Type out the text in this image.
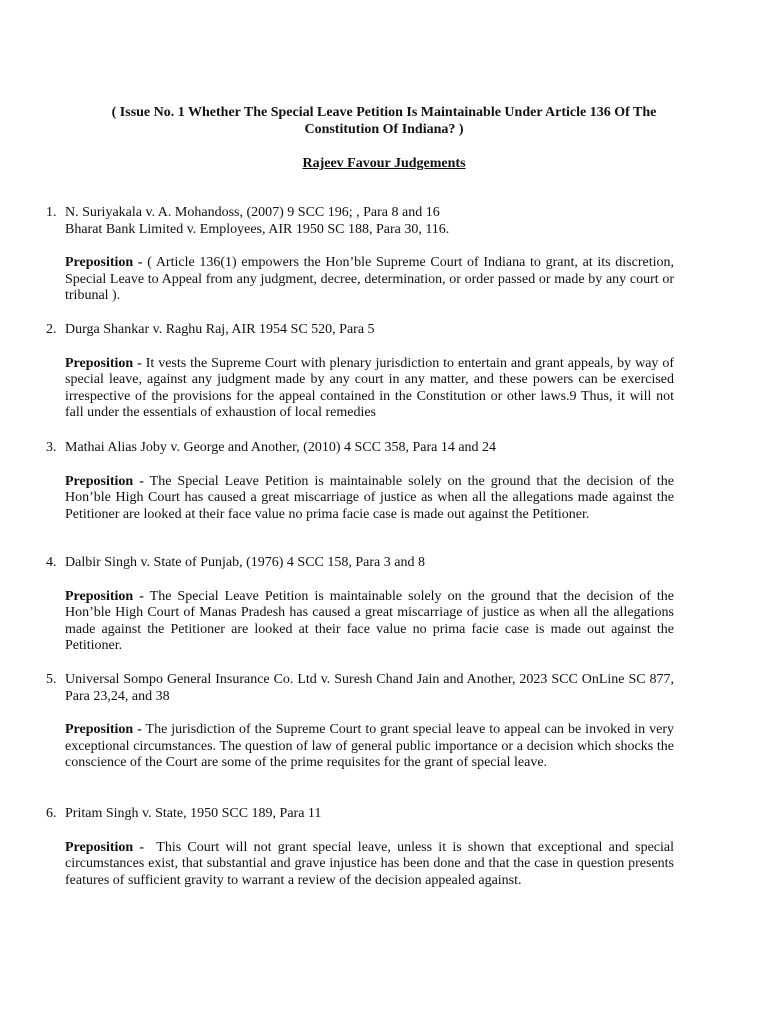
( Issue No. 1 Whether The Special Leave Petition Is Maintainable Under Article 136 Of The
Constitution Of Indiana? )

Rajeev Favour Judgements

1. N. Suriyakala v. A. Mohandoss, (2007) 9 SCC 196; , Para 8 and 16

Bharat Bank Limited v. Employees, AIR 1950 SC 188, Para 30, 116.

Preposition - ( Article 136(1) empowers the Hon’ble Supreme Court of Indiana to grant, at its discretion, Special Leave to Appeal from any judgment, decree, determination, or order passed or made by any court or tribunal ).

2. Durga Shankar v. Raghu Raj, AIR 1954 SC 520, Para 5

Preposition - It vests the Supreme Court with plenary jurisdiction to entertain and grant appeals, by way of special leave, against any judgment made by any court in any matter, and these powers can be exercised irrespective of the provisions for the appeal contained in the Constitution or other laws.9 Thus, it will not fall under the essentials of exhaustion of local remedies

3. Mathai Alias Joby v. George and Another, (2010) 4 SCC 358, Para 14 and 24

Preposition - The Special Leave Petition is maintainable solely on the ground that the decision of the Hon’ble High Court has caused a great miscarriage of justice as when all the allegations made against the Petitioner are looked at their face value no prima facie case is made out against the Petitioner.

4. Dalbir Singh v. State of Punjab, (1976) 4 SCC 158, Para 3 and 8

Preposition - The Special Leave Petition is maintainable solely on the ground that the decision of the Hon’ble High Court of Manas Pradesh has caused a great miscarriage of justice as when all the allegations made against the Petitioner are looked at their face value no prima facie case is made out against the Petitioner.

5. Universal Sompo General Insurance Co. Ltd v. Suresh Chand Jain and Another, 2023 SCC OnLine SC 877, Para 23,24, and 38

Preposition - The jurisdiction of the Supreme Court to grant special leave to appeal can be invoked in very exceptional circumstances. The question of law of general public importance or a decision which shocks the conscience of the Court are some of the prime requisites for the grant of special leave.

6. Pritam Singh v. State, 1950 SCC 189, Para 11

Preposition -  This Court will not grant special leave, unless it is shown that exceptional and special circumstances exist, that substantial and grave injustice has been done and that the case in question presents features of sufficient gravity to warrant a review of the decision appealed against.
